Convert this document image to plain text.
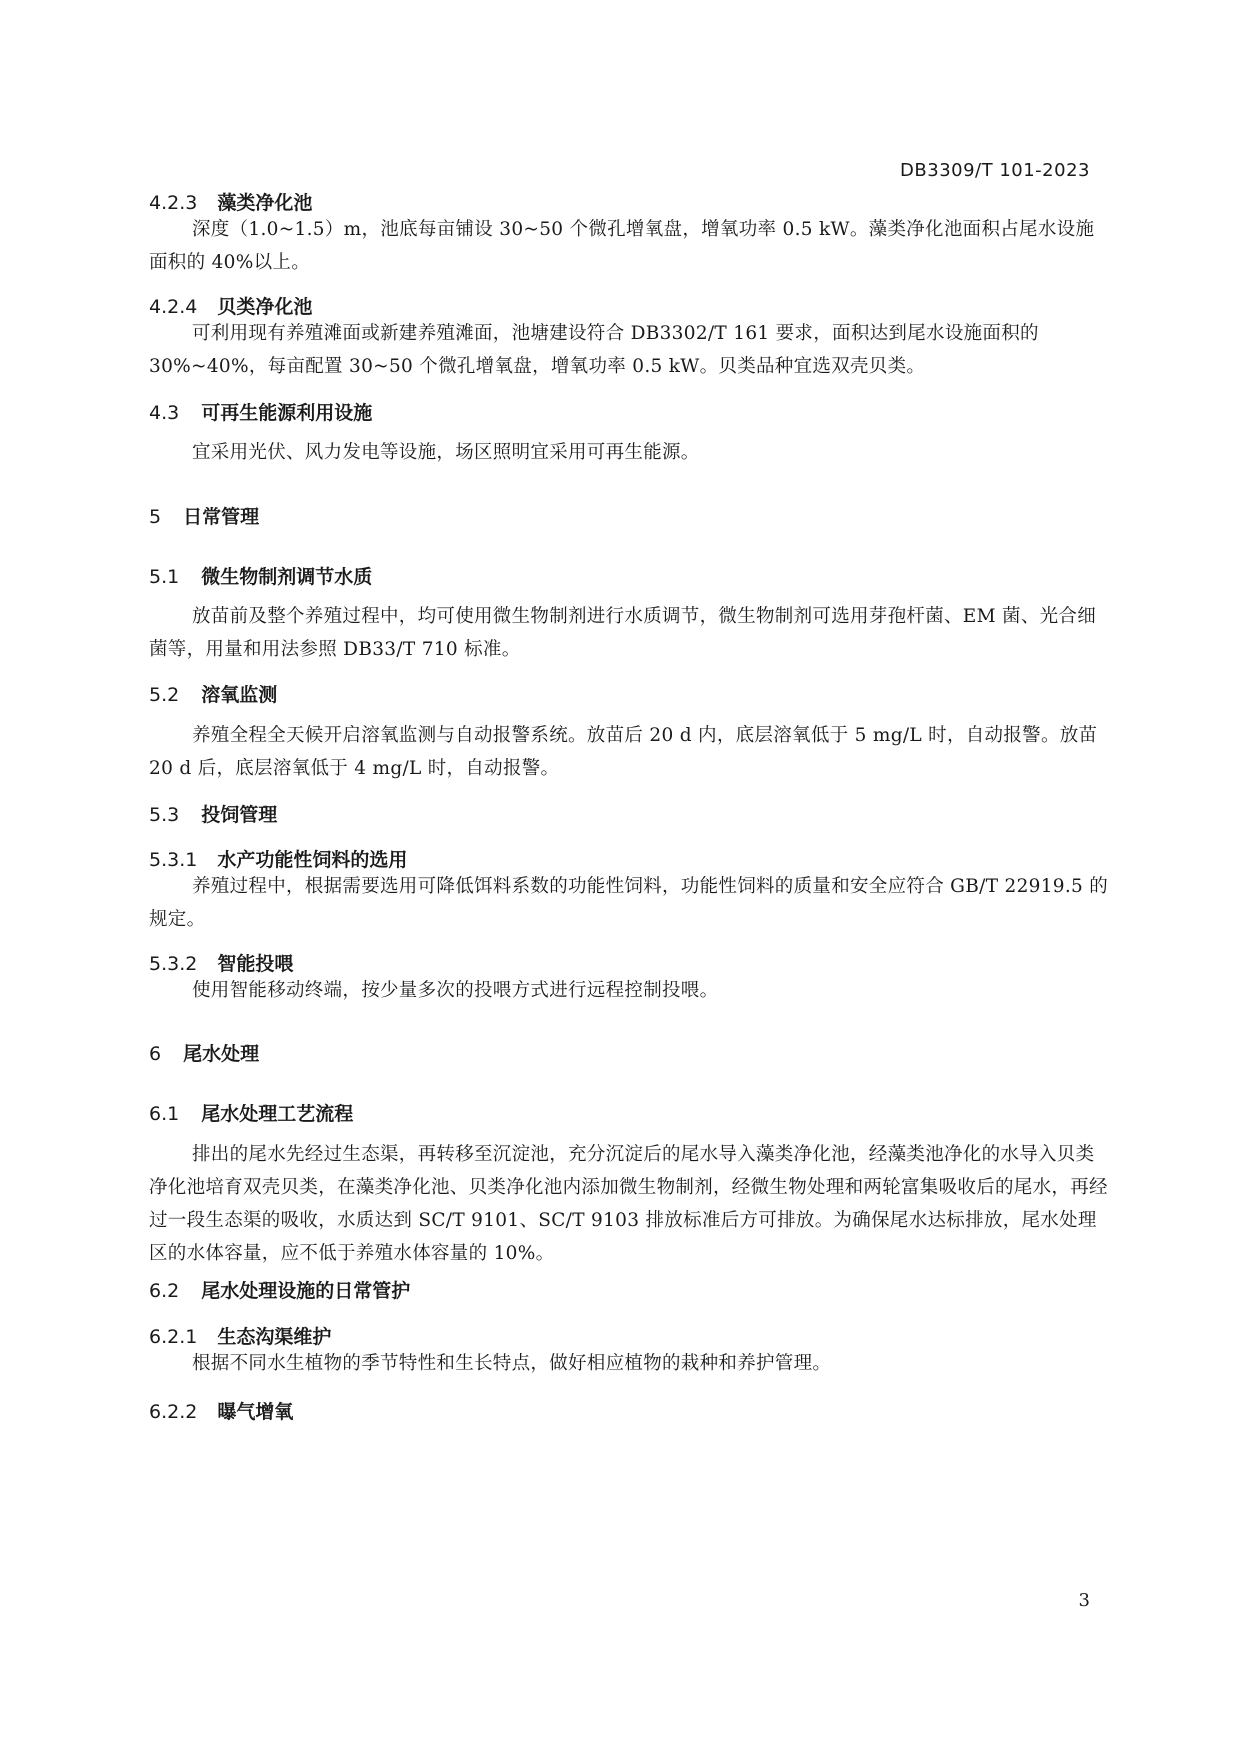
DB3309/T 101-2023
4.2.3 藻类净化池
深度（1.0~1.5）m，池底每亩铺设 30~50 个微孔增氧盘，增氧功率 0.5 kW。藻类净化池面积占尾水设施面积的 40%以上。
4.2.4 贝类净化池
可利用现有养殖滩面或新建养殖滩面，池塘建设符合 DB3302/T 161 要求，面积达到尾水设施面积的 30%~40%，每亩配置 30~50 个微孔增氧盘，增氧功率 0.5 kW。贝类品种宜选双壳贝类。
4.3 可再生能源利用设施
宜采用光伏、风力发电等设施，场区照明宜采用可再生能源。
5 日常管理
5.1 微生物制剂调节水质
放苗前及整个养殖过程中，均可使用微生物制剂进行水质调节，微生物制剂可选用芽孢杆菌、EM 菌、光合细菌等，用量和用法参照 DB33/T 710 标准。
5.2 溶氧监测
养殖全程全天候开启溶氧监测与自动报警系统。放苗后 20 d 内，底层溶氧低于 5 mg/L 时，自动报警。放苗 20 d 后，底层溶氧低于 4 mg/L 时，自动报警。
5.3 投饲管理
5.3.1 水产功能性饲料的选用
养殖过程中，根据需要选用可降低饵料系数的功能性饲料，功能性饲料的质量和安全应符合 GB/T 22919.5 的规定。
5.3.2 智能投喂
使用智能移动终端，按少量多次的投喂方式进行远程控制投喂。
6 尾水处理
6.1 尾水处理工艺流程
排出的尾水先经过生态渠，再转移至沉淀池，充分沉淀后的尾水导入藻类净化池，经藻类池净化的水导入贝类净化池培育双壳贝类，在藻类净化池、贝类净化池内添加微生物制剂，经微生物处理和两轮富集吸收后的尾水，再经过一段生态渠的吸收，水质达到 SC/T 9101、SC/T 9103 排放标准后方可排放。为确保尾水达标排放，尾水处理区的水体容量，应不低于养殖水体容量的 10%。
6.2 尾水处理设施的日常管护
6.2.1 生态沟渠维护
根据不同水生植物的季节特性和生长特点，做好相应植物的栽种和养护管理。
6.2.2 曝气增氧
3
